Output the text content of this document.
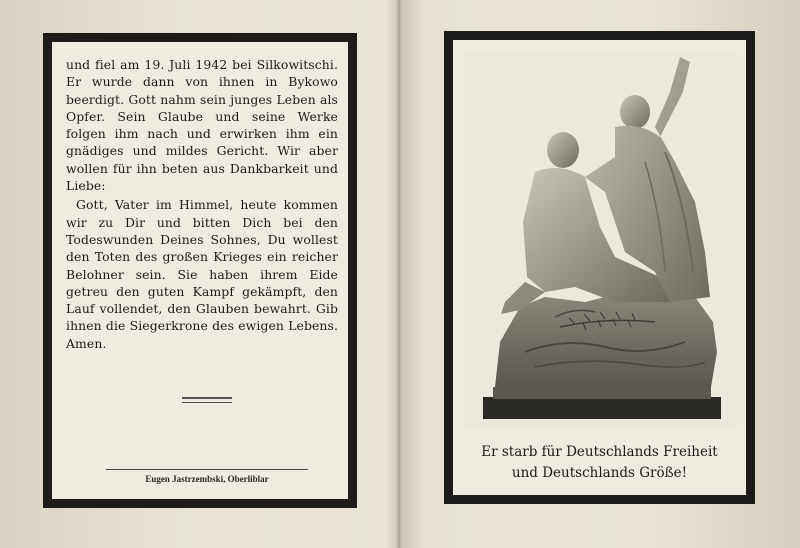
und fiel am 19. Juli 1942 bei Silkowitschi. Er wurde dann von ihnen in Bykowo beerdigt. Gott nahm sein junges Leben als Opfer. Sein Glaube und seine Werke folgen ihm nach und erwirken ihm ein gnädiges und mildes Gericht. Wir aber wollen für ihn beten aus Dankbarkeit und Liebe:

Gott, Vater im Himmel, heute kommen wir zu Dir und bitten Dich bei den Todeswunden Deines Sohnes, Du wollest den Toten des großen Krieges ein reicher Belohner sein. Sie haben ihrem Eide getreu den guten Kampf gekämpft, den Lauf vollendet, den Glauben bewahrt. Gib ihnen die Siegerkrone des ewigen Lebens. Amen.

Eugen Jastrzembski, Oberliblar
Er starb für Deutschlands Freiheit
und Deutschlands Größe!
